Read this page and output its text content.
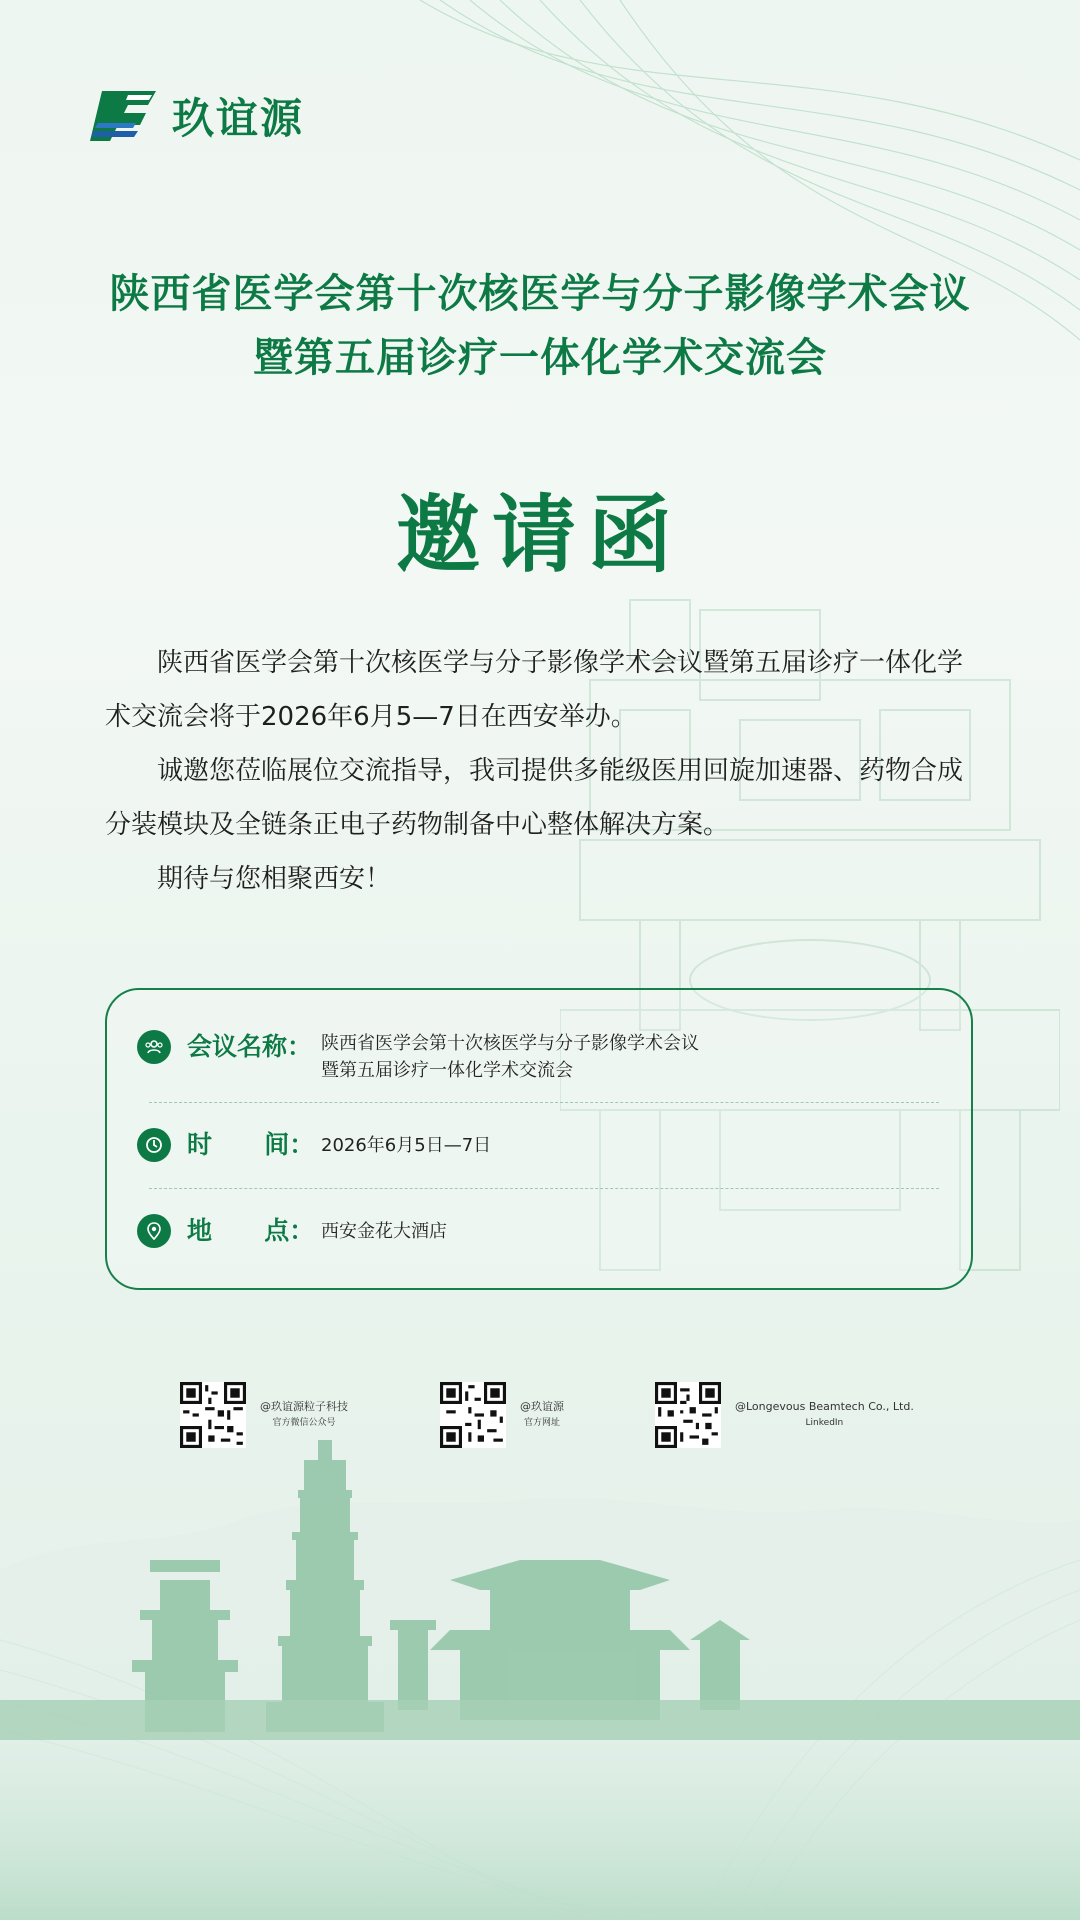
玖谊源
陕西省医学会第十次核医学与分子影像学术会议
暨第五届诊疗一体化学术交流会
邀请函

陕西省医学会第十次核医学与分子影像学术会议暨第五届诊疗一体化学术交流会将于2026年6月5—7日在西安举办。

诚邀您莅临展位交流指导，我司提供多能级医用回旋加速器、药物合成分装模块及全链条正电子药物制备中心整体解决方案。

期待与您相聚西安！

会议名称： 陕西省医学会第十次核医学与分子影像学术会议
暨第五届诊疗一体化学术交流会
时      间： 2026年6月5日—7日
地      点： 西安金花大酒店
@玖谊源粒子科技
官方微信公众号
@玖谊源
官方网址
@Longevous Beamtech Co., Ltd.
LinkedIn
